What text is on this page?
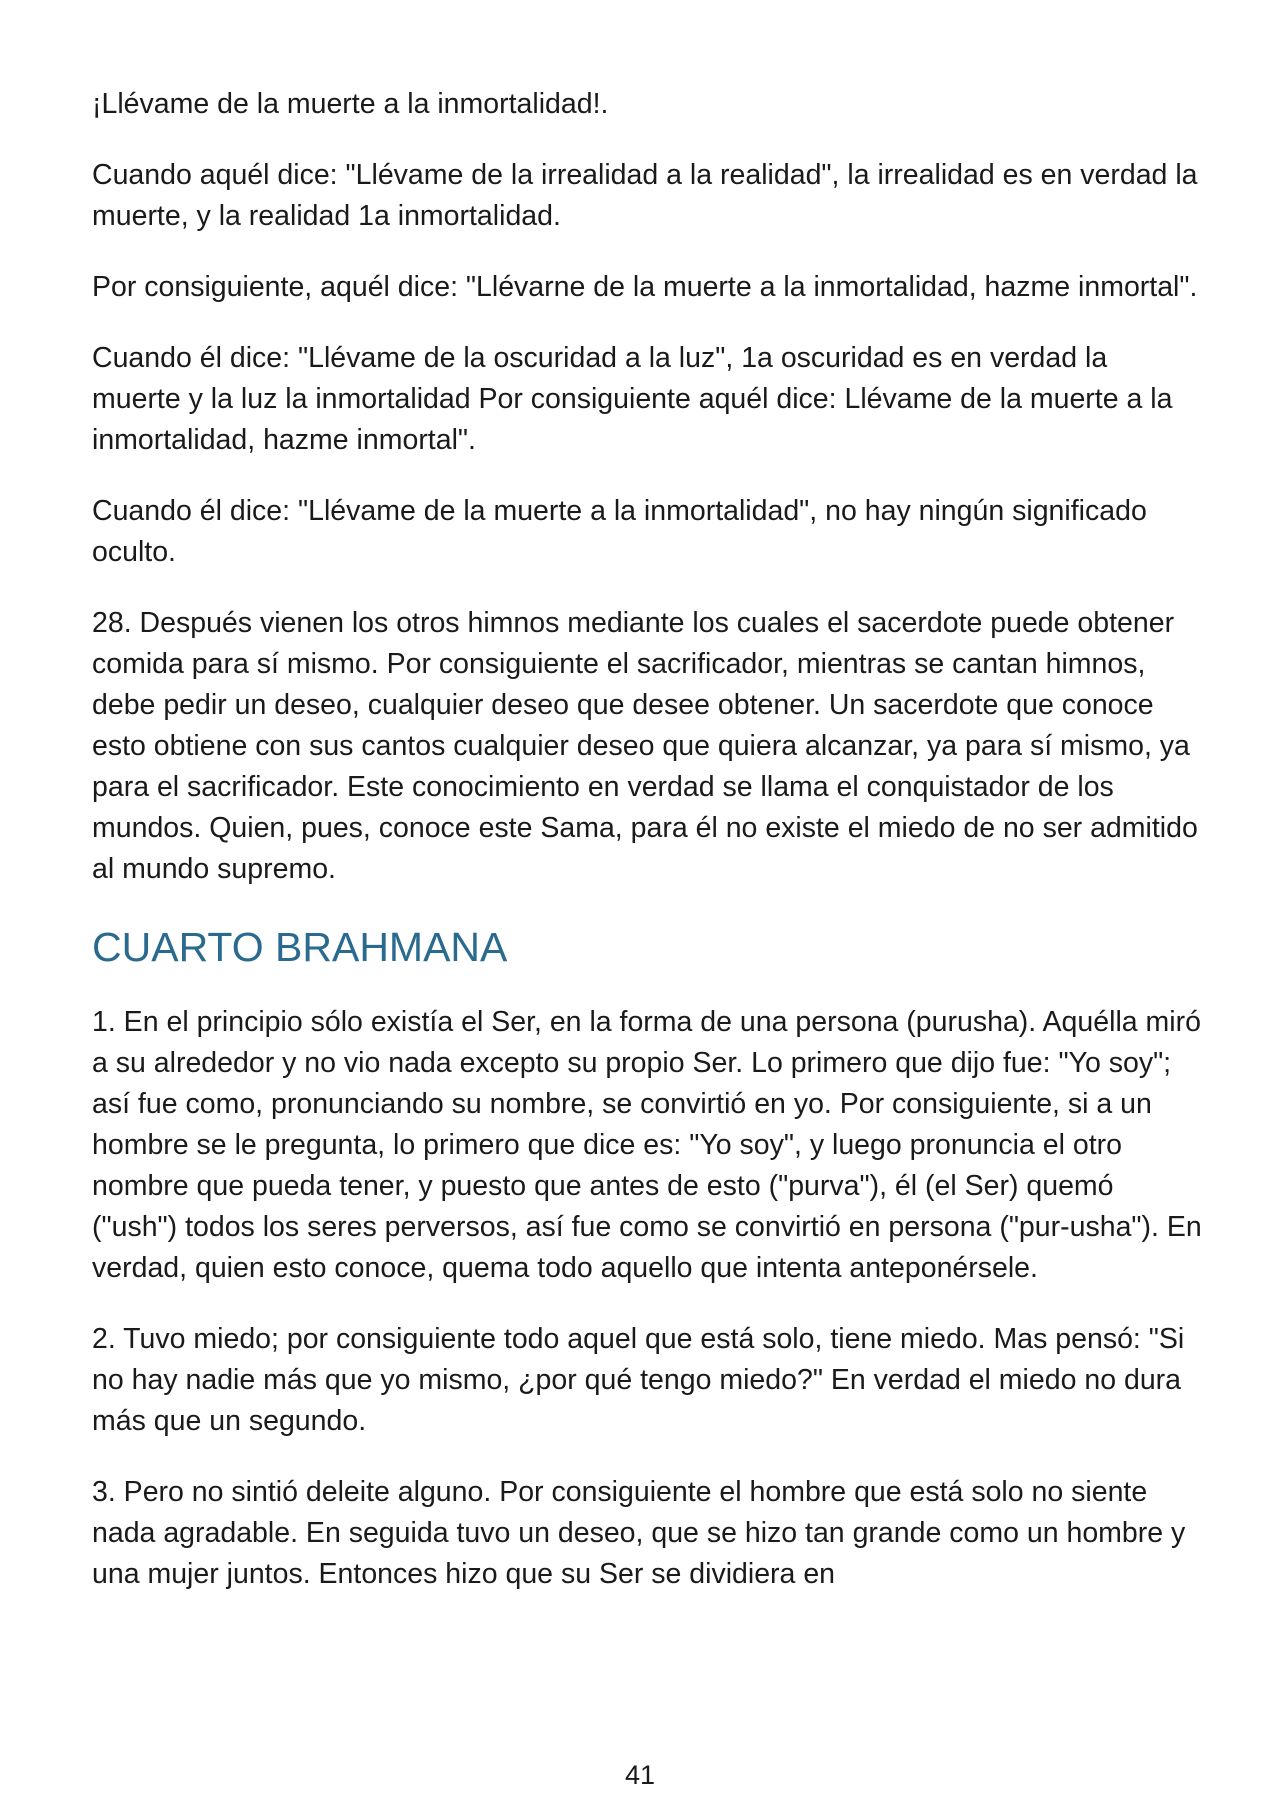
¡Llévame de la muerte a la inmortalidad!.

Cuando aquél dice: "Llévame de la irrealidad a la realidad", la irrealidad es en verdad la muerte, y la realidad 1a inmortalidad.

Por consiguiente, aquél dice: "Llévarne de la muerte a la inmortalidad, hazme inmortal".

Cuando él dice: "Llévame de la oscuridad a la luz", 1a oscuridad es en verdad la muerte y la luz la inmortalidad Por consiguiente aquél dice: Llévame de la muerte a la inmortalidad, hazme inmortal".

Cuando él dice: "Llévame de la muerte a la inmortalidad", no hay ningún significado oculto.

28. Después vienen los otros himnos mediante los cuales el sacerdote puede obtener comida para sí mismo. Por consiguiente el sacrificador, mientras se cantan himnos, debe pedir un deseo, cualquier deseo que desee obtener. Un sacerdote que conoce esto obtiene con sus cantos cualquier deseo que quiera alcanzar, ya para sí mismo, ya para el sacrificador. Este conocimiento en verdad se llama el conquistador de los mundos. Quien, pues, conoce este Sama, para él no existe el miedo de no ser admitido al mundo supremo.

CUARTO BRAHMANA

1. En el principio sólo existía el Ser, en la forma de una persona (purusha). Aquélla miró a su alrededor y no vio nada excepto su propio Ser. Lo primero que dijo fue: "Yo soy"; así fue como, pronunciando su nombre, se convirtió en yo. Por consiguiente, si a un hombre se le pregunta, lo primero que dice es: "Yo soy", y luego pronuncia el otro nombre que pueda tener, y puesto que antes de esto ("purva"), él (el Ser) quemó ("ush") todos los seres perversos, así fue como se convirtió en persona ("pur-usha"). En verdad, quien esto conoce, quema todo aquello que intenta anteponérsele.

2. Tuvo miedo; por consiguiente todo aquel que está solo, tiene miedo. Mas pensó: "Si no hay nadie más que yo mismo, ¿por qué tengo miedo?" En verdad el miedo no dura más que un segundo.

3. Pero no sintió deleite alguno. Por consiguiente el hombre que está solo no siente nada agradable. En seguida tuvo un deseo, que se hizo tan grande como un hombre y una mujer juntos. Entonces hizo que su Ser se dividiera en

41
